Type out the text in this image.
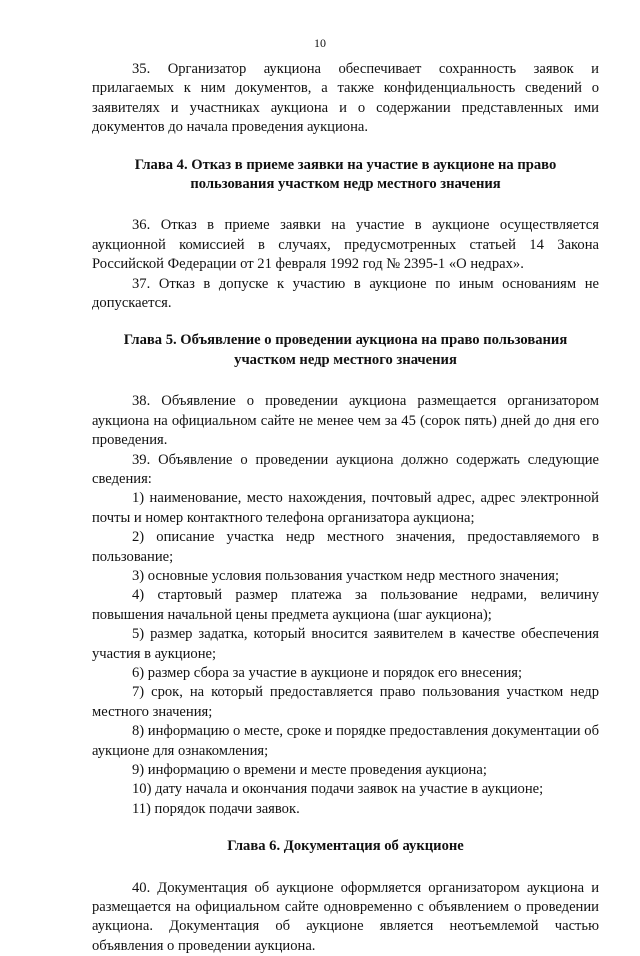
10

35. Организатор аукциона обеспечивает сохранность заявок и прилагаемых к ним документов, а также конфиденциальность сведений о заявителях и участниках аукциона и о содержании представленных ими документов до начала проведения аукциона.

Глава 4. Отказ в приеме заявки на участие в аукционе на право пользования участком недр местного значения

36. Отказ в приеме заявки на участие в аукционе осуществляется аукционной комиссией в случаях, предусмотренных статьей 14 Закона Российской Федерации от 21 февраля 1992 год № 2395-1 «О недрах».

37. Отказ в допуске к участию в аукционе по иным основаниям не допускается.

Глава 5. Объявление о проведении аукциона на право пользования участком недр местного значения

38. Объявление о проведении аукциона размещается организатором аукциона на официальном сайте не менее чем за 45 (сорок пять) дней до дня его проведения.

39. Объявление о проведении аукциона должно содержать следующие сведения:

1) наименование, место нахождения, почтовый адрес, адрес электронной почты и номер контактного телефона организатора аукциона;

2) описание участка недр местного значения, предоставляемого в пользование;

3) основные условия пользования участком недр местного значения;

4) стартовый размер платежа за пользование недрами, величину повышения начальной цены предмета аукциона (шаг аукциона);

5) размер задатка, который вносится заявителем в качестве обеспечения участия в аукционе;

6) размер сбора за участие в аукционе и порядок его внесения;

7) срок, на который предоставляется право пользования участком недр местного значения;

8) информацию о месте, сроке и порядке предоставления документации об аукционе для ознакомления;

9) информацию о времени и месте проведения аукциона;

10) дату начала и окончания подачи заявок на участие в аукционе;

11) порядок подачи заявок.

Глава 6. Документация об аукционе

40. Документация об аукционе оформляется организатором аукциона и размещается на официальном сайте одновременно с объявлением о проведении аукциона. Документация об аукционе является неотъемлемой частью объявления о проведении аукциона.
